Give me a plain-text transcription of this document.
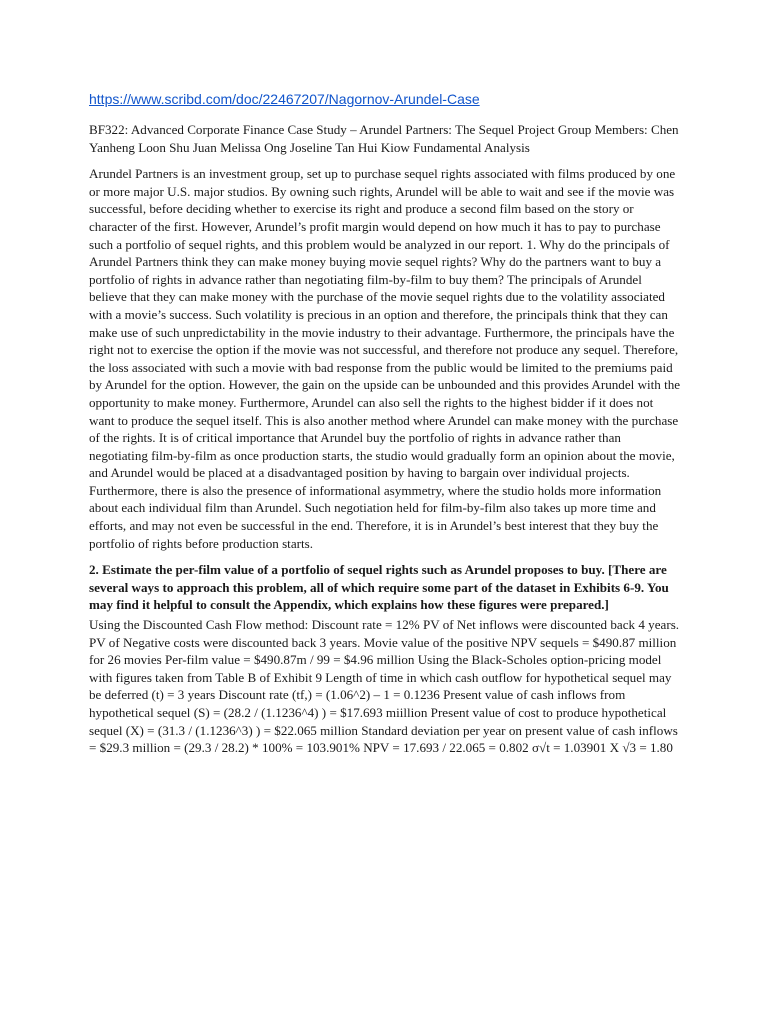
https://www.scribd.com/doc/22467207/Nagornov-Arundel-Case

BF322: Advanced Corporate Finance Case Study – Arundel Partners: The Sequel Project Group Members: Chen Yanheng Loon Shu Juan Melissa Ong Joseline Tan Hui Kiow Fundamental Analysis

Arundel Partners is an investment group, set up to purchase sequel rights associated with films produced by one or more major U.S. major studios. By owning such rights, Arundel will be able to wait and see if the movie was successful, before deciding whether to exercise its right and produce a second film based on the story or character of the first. However, Arundel’s profit margin would depend on how much it has to pay to purchase such a portfolio of sequel rights, and this problem would be analyzed in our report. 1. Why do the principals of Arundel Partners think they can make money buying movie sequel rights? Why do the partners want to buy a portfolio of rights in advance rather than negotiating film-by-film to buy them? The principals of Arundel believe that they can make money with the purchase of the movie sequel rights due to the volatility associated with a movie’s success. Such volatility is precious in an option and therefore, the principals think that they can make use of such unpredictability in the movie industry to their advantage. Furthermore, the principals have the right not to exercise the option if the movie was not successful, and therefore not produce any sequel. Therefore, the loss associated with such a movie with bad response from the public would be limited to the premiums paid by Arundel for the option. However, the gain on the upside can be unbounded and this provides Arundel with the opportunity to make money. Furthermore, Arundel can also sell the rights to the highest bidder if it does not want to produce the sequel itself. This is also another method where Arundel can make money with the purchase of the rights. It is of critical importance that Arundel buy the portfolio of rights in advance rather than negotiating film-by-film as once production starts, the studio would gradually form an opinion about the movie, and Arundel would be placed at a disadvantaged position by having to bargain over individual projects. Furthermore, there is also the presence of informational asymmetry, where the studio holds more information about each individual film than Arundel. Such negotiation held for film-by-film also takes up more time and efforts, and may not even be successful in the end. Therefore, it is in Arundel’s best interest that they buy the portfolio of rights before production starts.

2. Estimate the per-film value of a portfolio of sequel rights such as Arundel proposes to buy. [There are several ways to approach this problem, all of which require some part of the dataset in Exhibits 6-9. You may find it helpful to consult the Appendix, which explains how these figures were prepared.]

Using the Discounted Cash Flow method: Discount rate = 12% PV of Net inflows were discounted back 4 years. PV of Negative costs were discounted back 3 years. Movie value of the positive NPV sequels = $490.87 million for 26 movies Per-film value = $490.87m / 99 = $4.96 million Using the Black-Scholes option-pricing model with figures taken from Table B of Exhibit 9 Length of time in which cash outflow for hypothetical sequel may be deferred (t) = 3 years Discount rate (tf,) = (1.06^2) – 1 = 0.1236 Present value of cash inflows from hypothetical sequel (S) = (28.2 / (1.1236^4) ) = $17.693 miillion Present value of cost to produce hypothetical sequel (X) = (31.3 / (1.1236^3) ) = $22.065 million Standard deviation per year on present value of cash inflows = $29.3 million = (29.3 / 28.2) * 100% = 103.901% NPV = 17.693 / 22.065 = 0.802 σ√t = 1.03901 X √3 = 1.80
